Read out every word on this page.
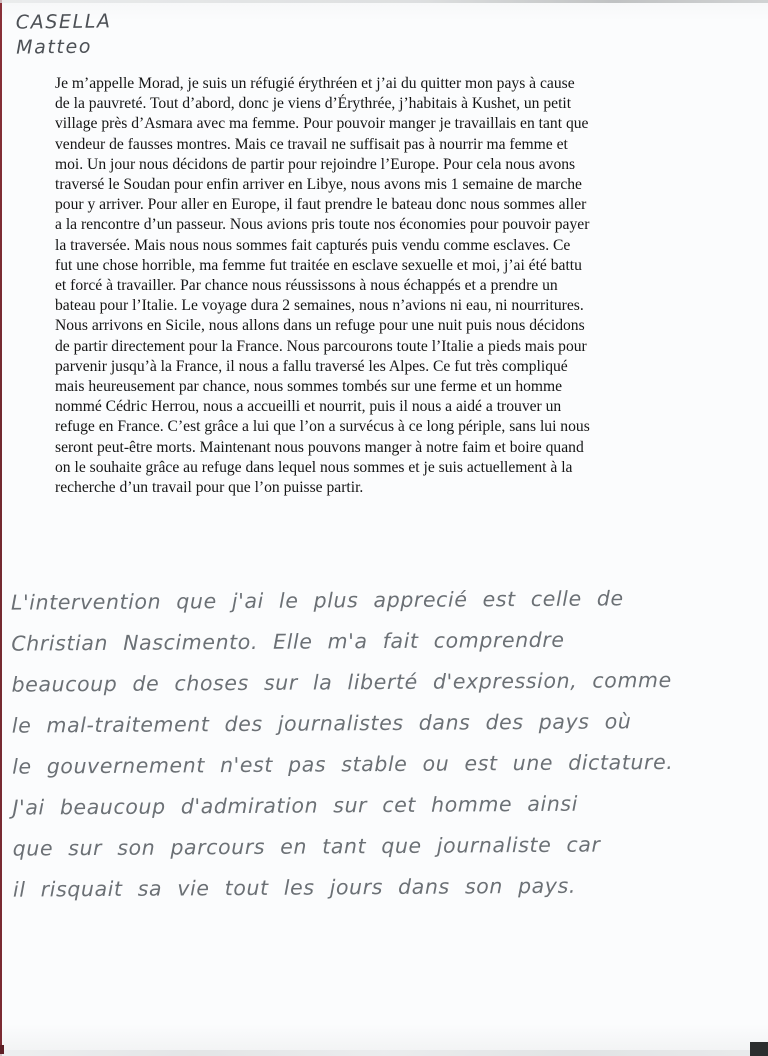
CASELLA
Matteo
Je m’appelle Morad, je suis un réfugié érythréen et j’ai du quitter mon pays à cause
de la pauvreté. Tout d’abord, donc je viens d’Érythrée, j’habitais à Kushet, un petit
village près d’Asmara avec ma femme. Pour pouvoir manger je travaillais en tant que
vendeur de fausses montres. Mais ce travail ne suffisait pas à nourrir ma femme et
moi. Un jour nous décidons de partir pour rejoindre l’Europe. Pour cela nous avons
traversé le Soudan pour enfin arriver en Libye, nous avons mis 1 semaine de marche
pour y arriver. Pour aller en Europe, il faut prendre le bateau donc nous sommes aller
a la rencontre d’un passeur. Nous avions pris toute nos économies pour pouvoir payer
la traversée. Mais nous nous sommes fait capturés puis vendu comme esclaves. Ce
fut une chose horrible, ma femme fut traitée en esclave sexuelle et moi, j’ai été battu
et forcé à travailler. Par chance nous réussissons à nous échappés et a prendre un
bateau pour l’Italie. Le voyage dura 2 semaines, nous n’avions ni eau, ni nourritures.
Nous arrivons en Sicile, nous allons dans un refuge pour une nuit puis nous décidons
de partir directement pour la France. Nous parcourons toute l’Italie a pieds mais pour
parvenir jusqu’à la France, il nous a fallu traversé les Alpes. Ce fut très compliqué
mais heureusement par chance, nous sommes tombés sur une ferme et un homme
nommé Cédric Herrou, nous a accueilli et nourrit, puis il nous a aidé a trouver un
refuge en France. C’est grâce a lui que l’on a survécus à ce long périple, sans lui nous
seront peut-être morts. Maintenant nous pouvons manger à notre faim et boire quand
on le souhaite grâce au refuge dans lequel nous sommes et je suis actuellement à la
recherche d’un travail pour que l’on puisse partir.
L'intervention que j'ai le plus apprecié est celle de
Christian Nascimento. Elle m'a fait comprendre
beaucoup de choses sur la liberté d'expression, comme
le mal-traitement des journalistes dans des pays où
le gouvernement n'est pas stable ou est une dictature.
J'ai beaucoup d'admiration sur cet homme ainsi
que sur son parcours en tant que journaliste car
il risquait sa vie tout les jours dans son pays.
